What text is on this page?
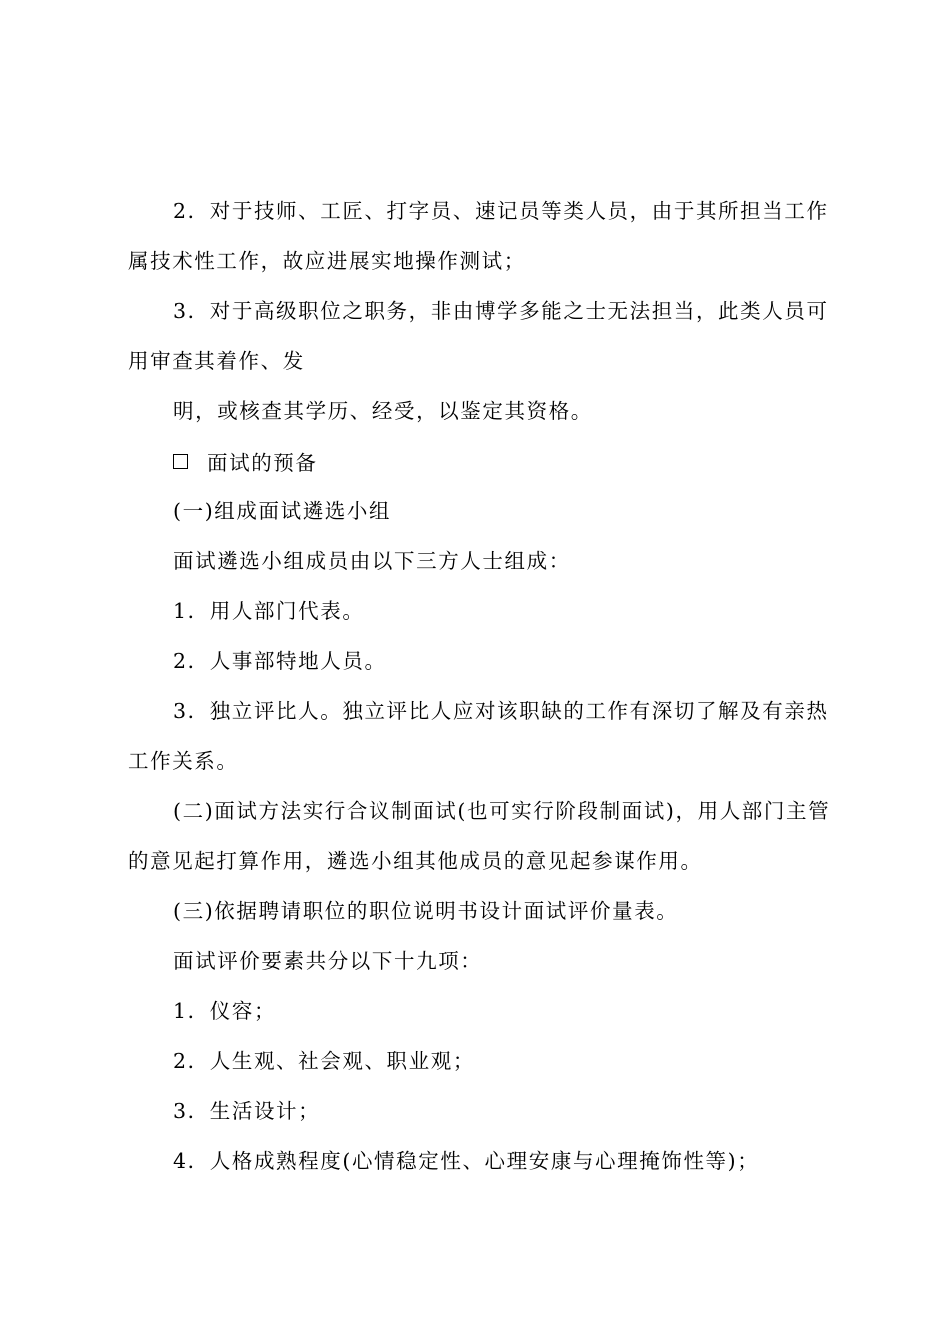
2．对于技师、工匠、打字员、速记员等类人员，由于其所担当工作属技术性工作，故应进展实地操作测试；

3．对于高级职位之职务，非由博学多能之士无法担当，此类人员可用审查其着作、发

明，或核查其学历、经受，以鉴定其资格。

面试的预备

(一)组成面试遴选小组

面试遴选小组成员由以下三方人士组成：

1．用人部门代表。

2．人事部特地人员。

3．独立评比人。独立评比人应对该职缺的工作有深切了解及有亲热工作关系。

(二)面试方法实行合议制面试(也可实行阶段制面试)，用人部门主管的意见起打算作用，遴选小组其他成员的意见起参谋作用。

(三)依据聘请职位的职位说明书设计面试评价量表。

面试评价要素共分以下十九项：

1．仪容；

2．人生观、社会观、职业观；

3．生活设计；

4．人格成熟程度(心情稳定性、心理安康与心理掩饰性等)；
